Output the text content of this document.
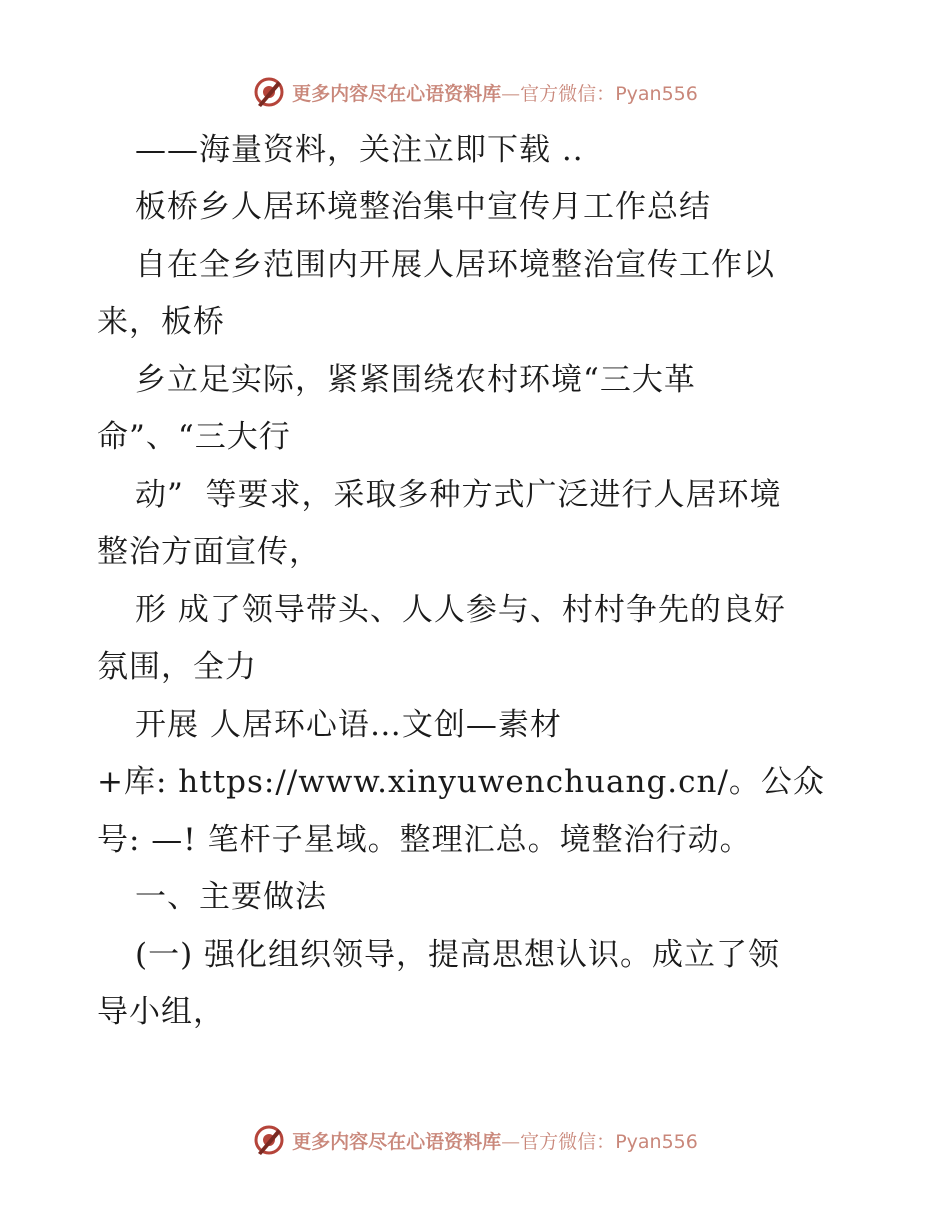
更多内容尽在心语资料库—官方微信：Pyan556
——海量资料，关注立即下载 ..
板桥乡人居环境整治集中宣传月工作总结
自在全乡范围内开展人居环境整治宣传工作以
来，板桥
乡立足实际，紧紧围绕农村环境“三大革
命”、“三大行
动”  等要求，采取多种方式广泛进行人居环境
整治方面宣传，
形 成了领导带头、人人参与、村村争先的良好
氛围，全力
开展 人居环心语…文创—素材
+库: https://www.xinyuwenchuang.cn/。公众
号: —! 笔杆子星域。整理汇总。境整治行动。
一、主要做法
(一) 强化组织领导，提高思想认识。成立了领
导小组，
更多内容尽在心语资料库—官方微信：Pyan556
